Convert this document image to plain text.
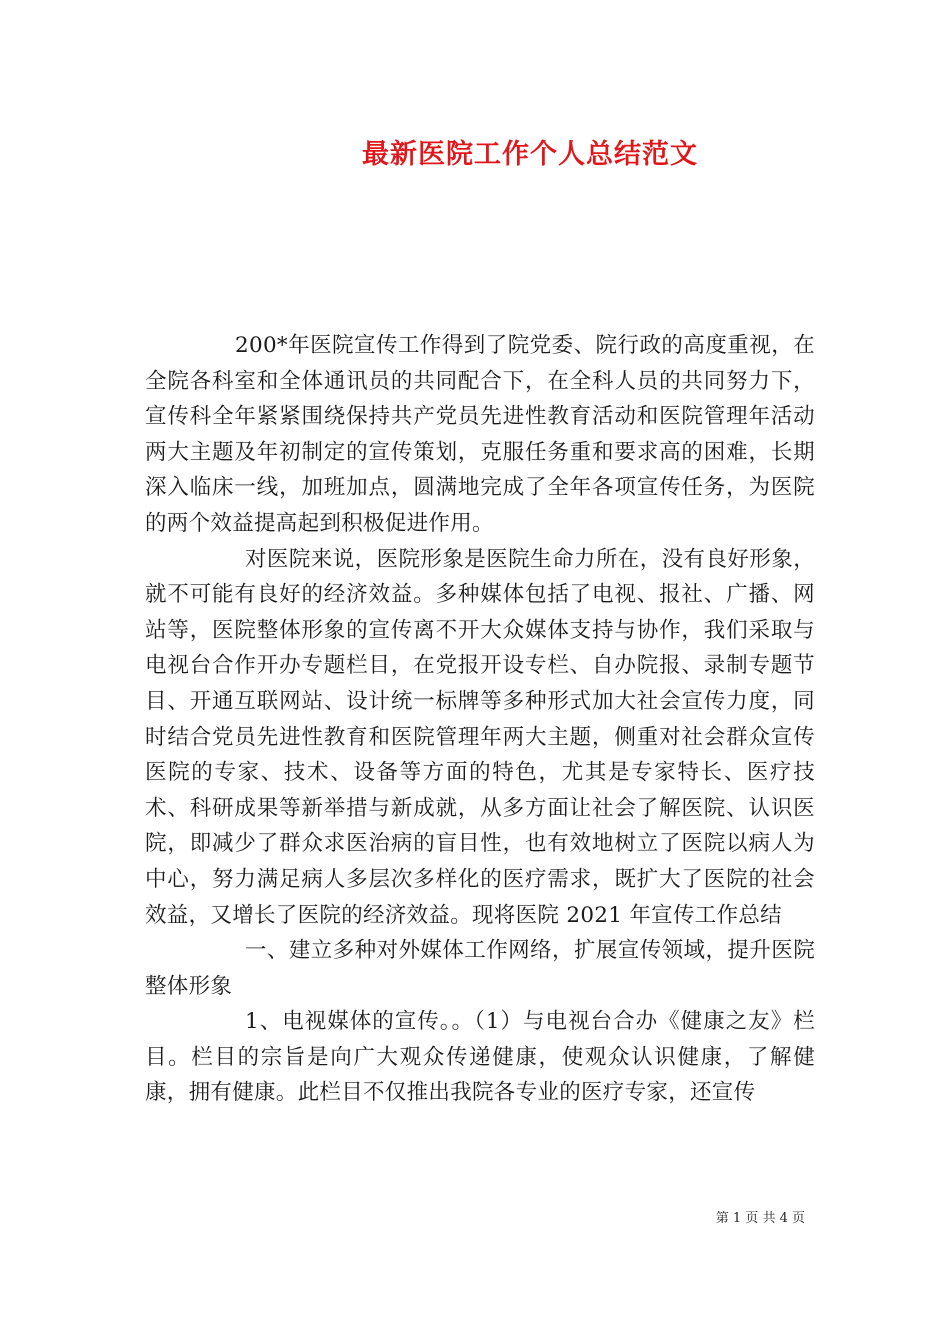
最新医院工作个人总结范文

200*年医院宣传工作得到了院党委、院行政的高度重视，在全院各科室和全体通讯员的共同配合下，在全科人员的共同努力下，宣传科全年紧紧围绕保持共产党员先进性教育活动和医院管理年活动两大主题及年初制定的宣传策划，克服任务重和要求高的困难，长期深入临床一线，加班加点，圆满地完成了全年各项宣传任务，为医院的两个效益提高起到积极促进作用。

对医院来说，医院形象是医院生命力所在，没有良好形象，就不可能有良好的经济效益。多种媒体包括了电视、报社、广播、网站等，医院整体形象的宣传离不开大众媒体支持与协作，我们采取与电视台合作开办专题栏目，在党报开设专栏、自办院报、录制专题节目、开通互联网站、设计统一标牌等多种形式加大社会宣传力度，同时结合党员先进性教育和医院管理年两大主题，侧重对社会群众宣传医院的专家、技术、设备等方面的特色，尤其是专家特长、医疗技术、科研成果等新举措与新成就，从多方面让社会了解医院、认识医院，即减少了群众求医治病的盲目性，也有效地树立了医院以病人为中心，努力满足病人多层次多样化的医疗需求，既扩大了医院的社会效益，又增长了医院的经济效益。现将医院 2021 年宣传工作总结

一、建立多种对外媒体工作网络，扩展宣传领域，提升医院整体形象

1、电视媒体的宣传。。（1）与电视台合办《健康之友》栏目。栏目的宗旨是向广大观众传递健康，使观众认识健康，了解健康，拥有健康。此栏目不仅推出我院各专业的医疗专家，还宣传

第 1 页 共 4 页
